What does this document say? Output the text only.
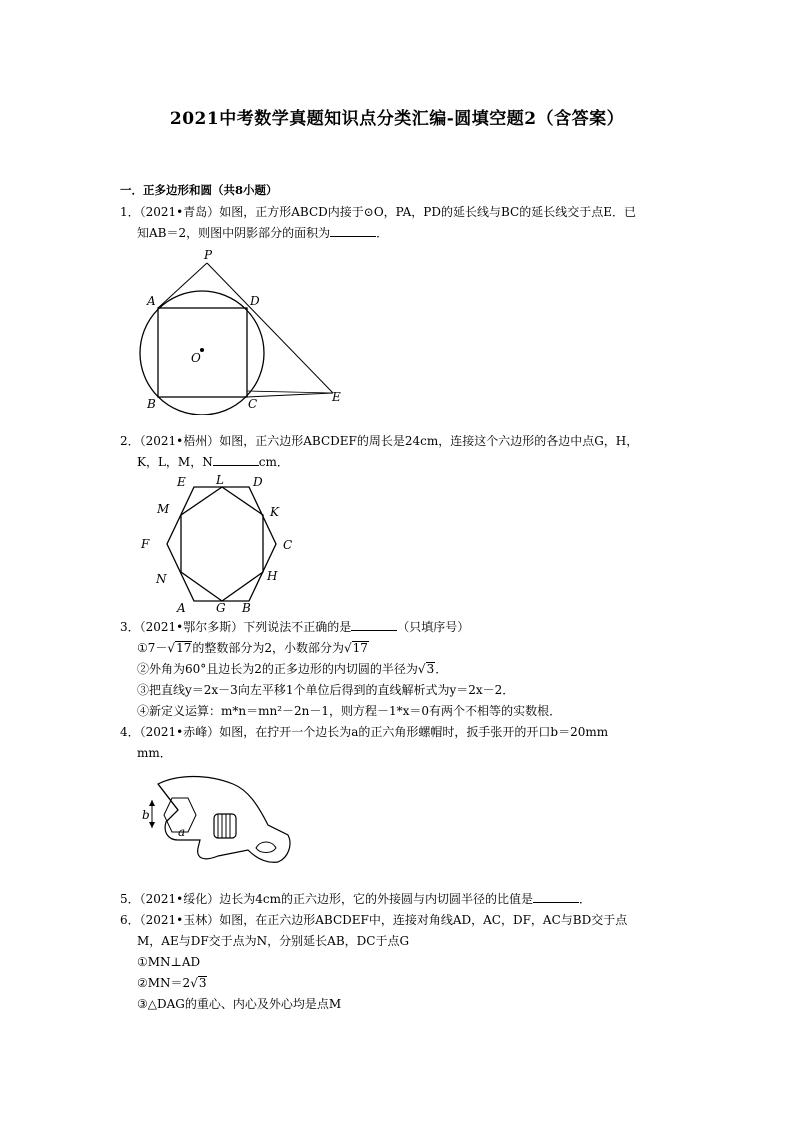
2021中考数学真题知识点分类汇编-圆填空题2（含答案）
一．正多边形和圆（共8小题）
1．（2021•青岛）如图，正方形ABCD内接于⊙O，PA，PD的延长线与BC的延长线交于点E．已
知AB＝2，则图中阴影部分的面积为	．
P
A	D
O
B	C	E
2．（2021•梧州）如图，正六边形ABCDEF的周长是24cm，连接这个六边形的各边中点G，H，
K，L，M，N	cm．
E	L D
M	K
F	C
N	H
A	G B
3．（2021•鄂尔多斯）下列说法不正确的是	（只填序号）
①7－√17的整数部分为2，小数部分为√17
②外角为60°且边长为2的正多边形的内切圆的半径为√3．
③把直线y＝2x－3向左平移1个单位后得到的直线解析式为y＝2x－2．
④新定义运算：m*n＝mn²－2n－1，则方程－1*x＝0有两个不相等的实数根．
4．（2021•赤峰）如图，在拧开一个边长为a的正六角形螺帽时，扳手张开的开口b＝20mm
mm．
b
a
5．（2021•绥化）边长为4cm的正六边形，它的外接圆与内切圆半径的比值是	．
6．（2021•玉林）如图，在正六边形ABCDEF中，连接对角线AD，AC，DF，AC与BD交于点
M，AE与DF交于点为N，分别延长AB，DC于点G
①MN⊥AD
②MN＝2√3
③△DAG的重心、内心及外心均是点M
